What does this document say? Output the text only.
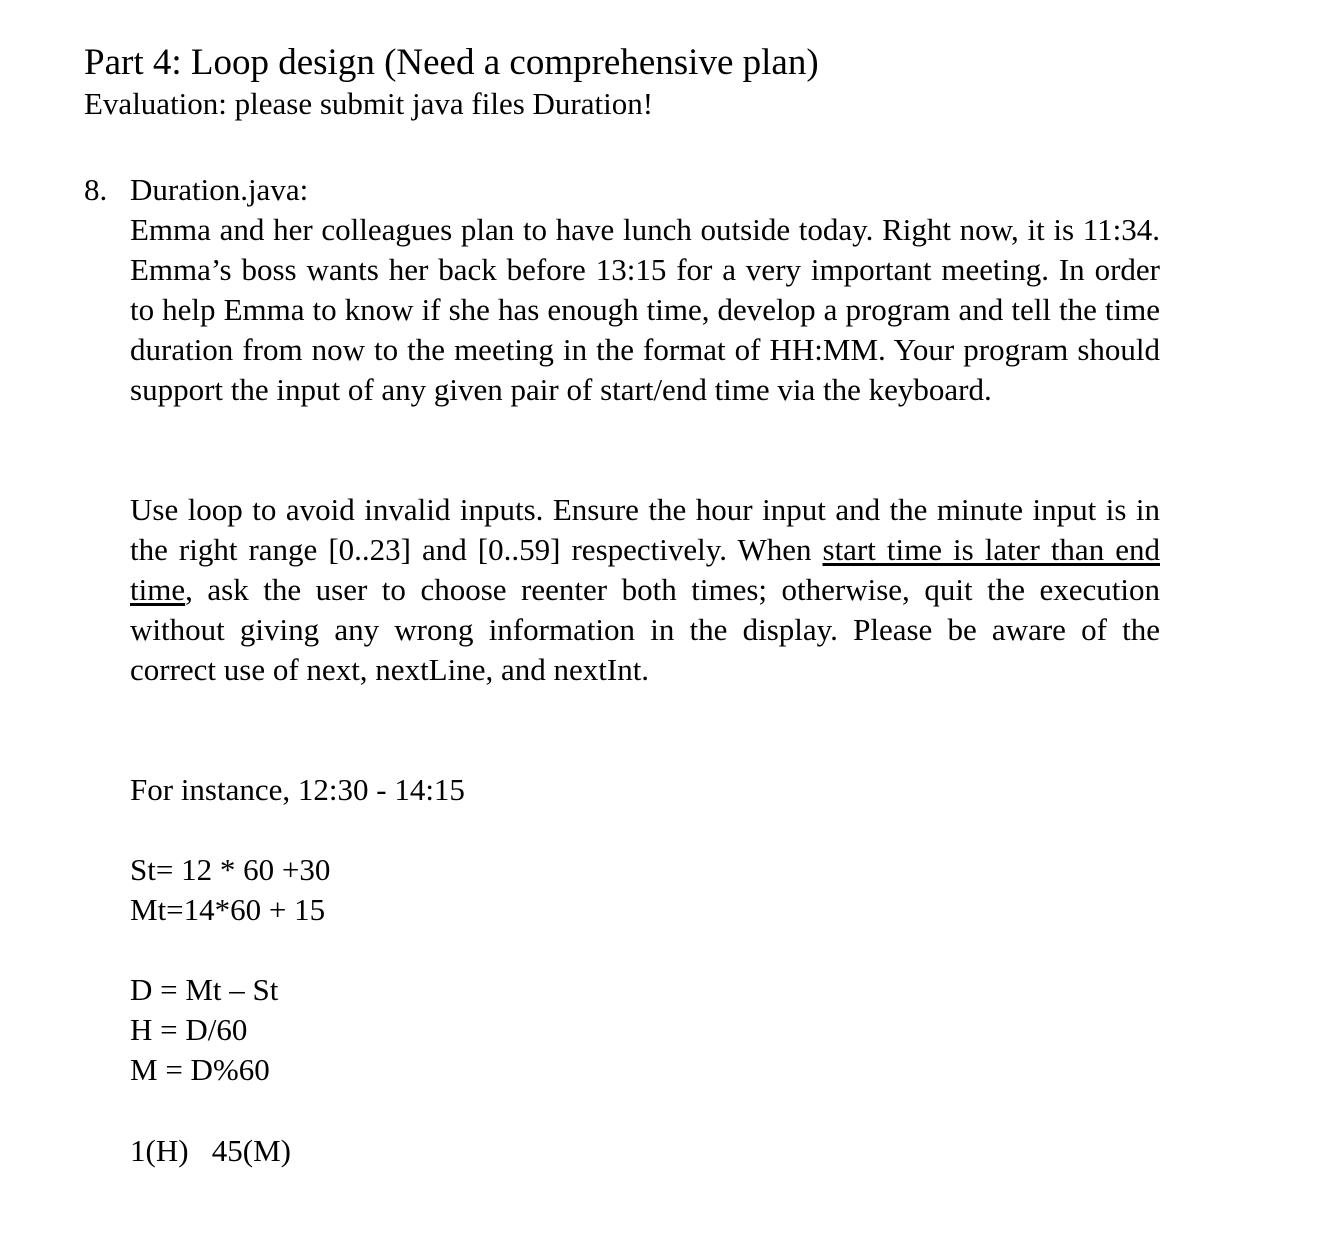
Part 4: Loop design (Need a comprehensive plan)
Evaluation: please submit java files Duration!
8. Duration.java:

Emma and her colleagues plan to have lunch outside today. Right now, it is 11:34. Emma’s boss wants her back before 13:15 for a very important meeting. In order to help Emma to know if she has enough time, develop a program and tell the time duration from now to the meeting in the format of HH:MM. Your program should support the input of any given pair of start/end time via the keyboard.

Use loop to avoid invalid inputs. Ensure the hour input and the minute input is in the right range [0..23] and [0..59] respectively. When start time is later than end time, ask the user to choose reenter both times; otherwise, quit the execution without giving any wrong information in the display. Please be aware of the correct use of next, nextLine, and nextInt.

For instance, 12:30 - 14:15
St= 12 * 60 +30
Mt=14*60 + 15
D = Mt – St
H = D/60
M = D%60
1(H)   45(M)
